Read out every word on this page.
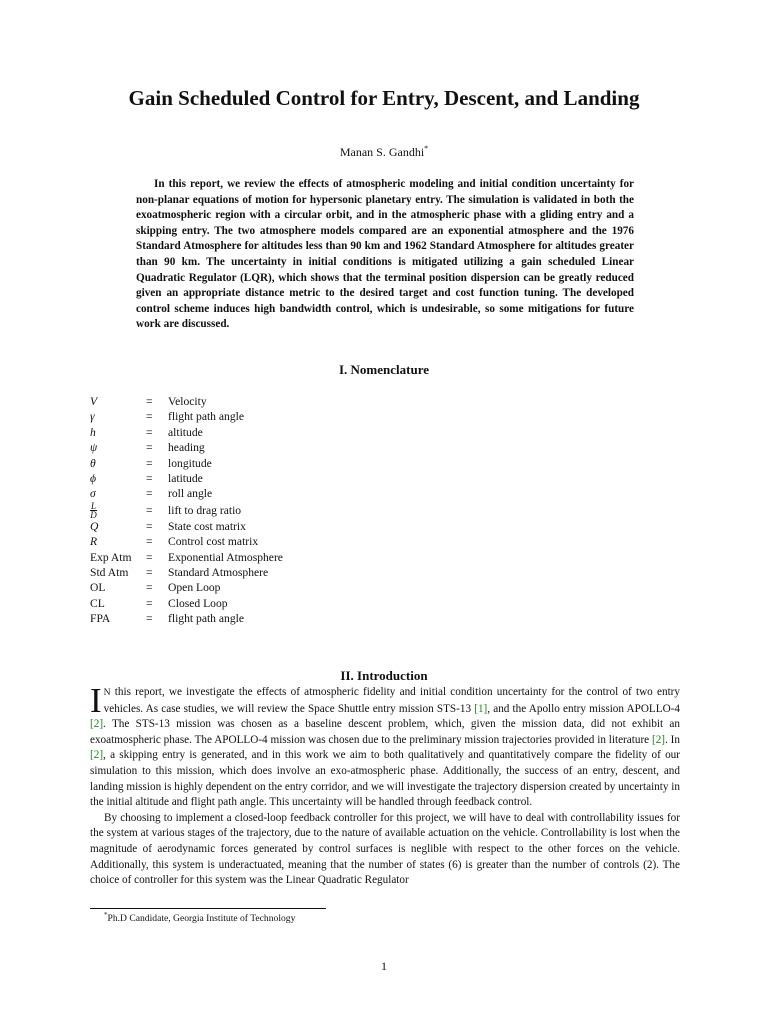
Gain Scheduled Control for Entry, Descent, and Landing
Manan S. Gandhi*

In this report, we review the effects of atmospheric modeling and initial condition uncertainty for non-planar equations of motion for hypersonic planetary entry. The simulation is validated in both the exoatmospheric region with a circular orbit, and in the atmospheric phase with a gliding entry and a skipping entry. The two atmosphere models compared are an exponential atmosphere and the 1976 Standard Atmosphere for altitudes less than 90 km and 1962 Standard Atmosphere for altitudes greater than 90 km. The uncertainty in initial conditions is mitigated utilizing a gain scheduled Linear Quadratic Regulator (LQR), which shows that the terminal position dispersion can be greatly reduced given an appropriate distance metric to the desired target and cost function tuning. The developed control scheme induces high bandwidth control, which is undesirable, so some mitigations for future work are discussed.

I. Nomenclature
V	=	Velocity
γ	=	flight path angle
h	=	altitude
ψ	=	heading
θ	=	longitude
ϕ	=	latitude
σ	=	roll angle

$\frac{L}{D}$	=	lift to drag ratio
Q	=	State cost matrix
R	=	Control cost matrix
Exp Atm	=	Exponential Atmosphere
Std Atm	=	Standard Atmosphere
OL	=	Open Loop
CL	=	Closed Loop
FPA	=	flight path angle
II. Introduction

IN this report, we investigate the effects of atmospheric fidelity and initial condition uncertainty for the control of two entry vehicles. As case studies, we will review the Space Shuttle entry mission STS-13 [1], and the Apollo entry mission APOLLO-4 [2]. The STS-13 mission was chosen as a baseline descent problem, which, given the mission data, did not exhibit an exoatmospheric phase. The APOLLO-4 mission was chosen due to the preliminary mission trajectories provided in literature [2]. In [2], a skipping entry is generated, and in this work we aim to both qualitatively and quantitatively compare the fidelity of our simulation to this mission, which does involve an exo-atmospheric phase. Additionally, the success of an entry, descent, and landing mission is highly dependent on the entry corridor, and we will investigate the trajectory dispersion created by uncertainty in the initial altitude and flight path angle. This uncertainty will be handled through feedback control.

By choosing to implement a closed-loop feedback controller for this project, we will have to deal with controllability issues for the system at various stages of the trajectory, due to the nature of available actuation on the vehicle. Controllability is lost when the magnitude of aerodynamic forces generated by control surfaces is neglible with respect to the other forces on the vehicle. Additionally, this system is underactuated, meaning that the number of states (6) is greater than the number of controls (2). The choice of controller for this system was the Linear Quadratic Regulator

*Ph.D Candidate, Georgia Institute of Technology
1
